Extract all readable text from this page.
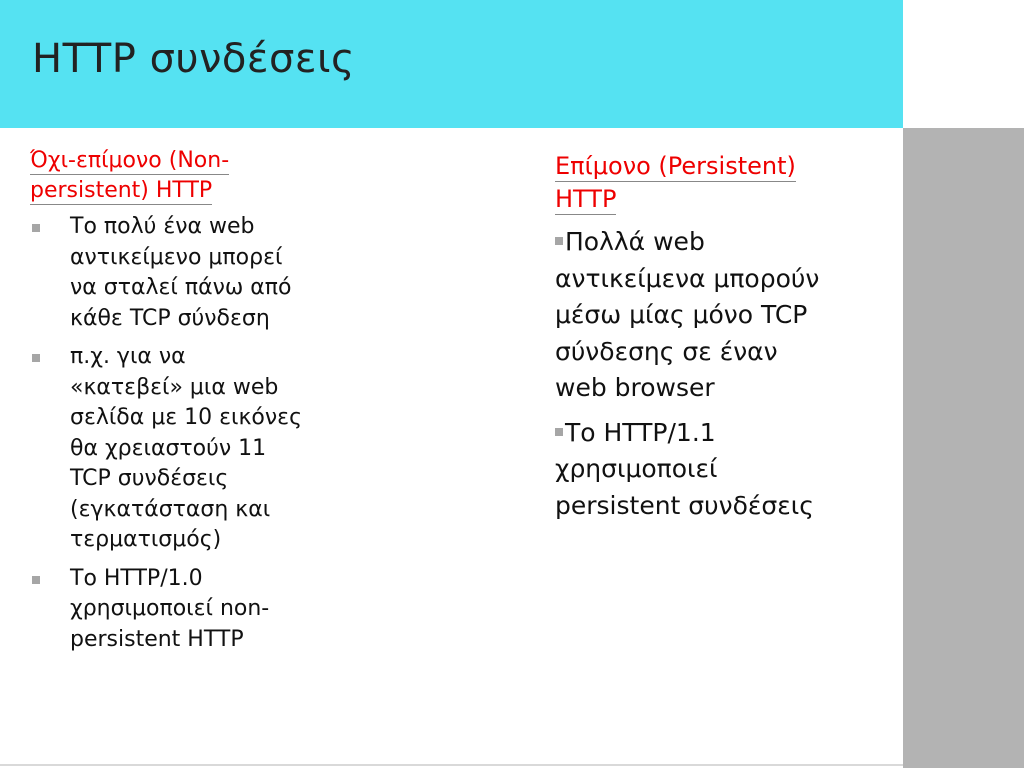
HTTP συνδέσεις
Όχι-επίμονο (Non-
persistent) HTTP
Το πολύ ένα web
αντικείμενο μπορεί
να σταλεί πάνω από
κάθε TCP σύνδεση
π.χ. για να
«κατεβεί» μια web
σελίδα με 10 εικόνες
θα χρειαστούν 11
TCP συνδέσεις
(εγκατάσταση και
τερματισμός)
Το HTTP/1.0
χρησιμοποιεί non-
persistent HTTP
Επίμονο (Persistent)
HTTP
Πολλά web
αντικείμενα μπορούν
μέσω μίας μόνο TCP
σύνδεσης σε έναν
web browser
Το HTTP/1.1
χρησιμοποιεί
persistent συνδέσεις
